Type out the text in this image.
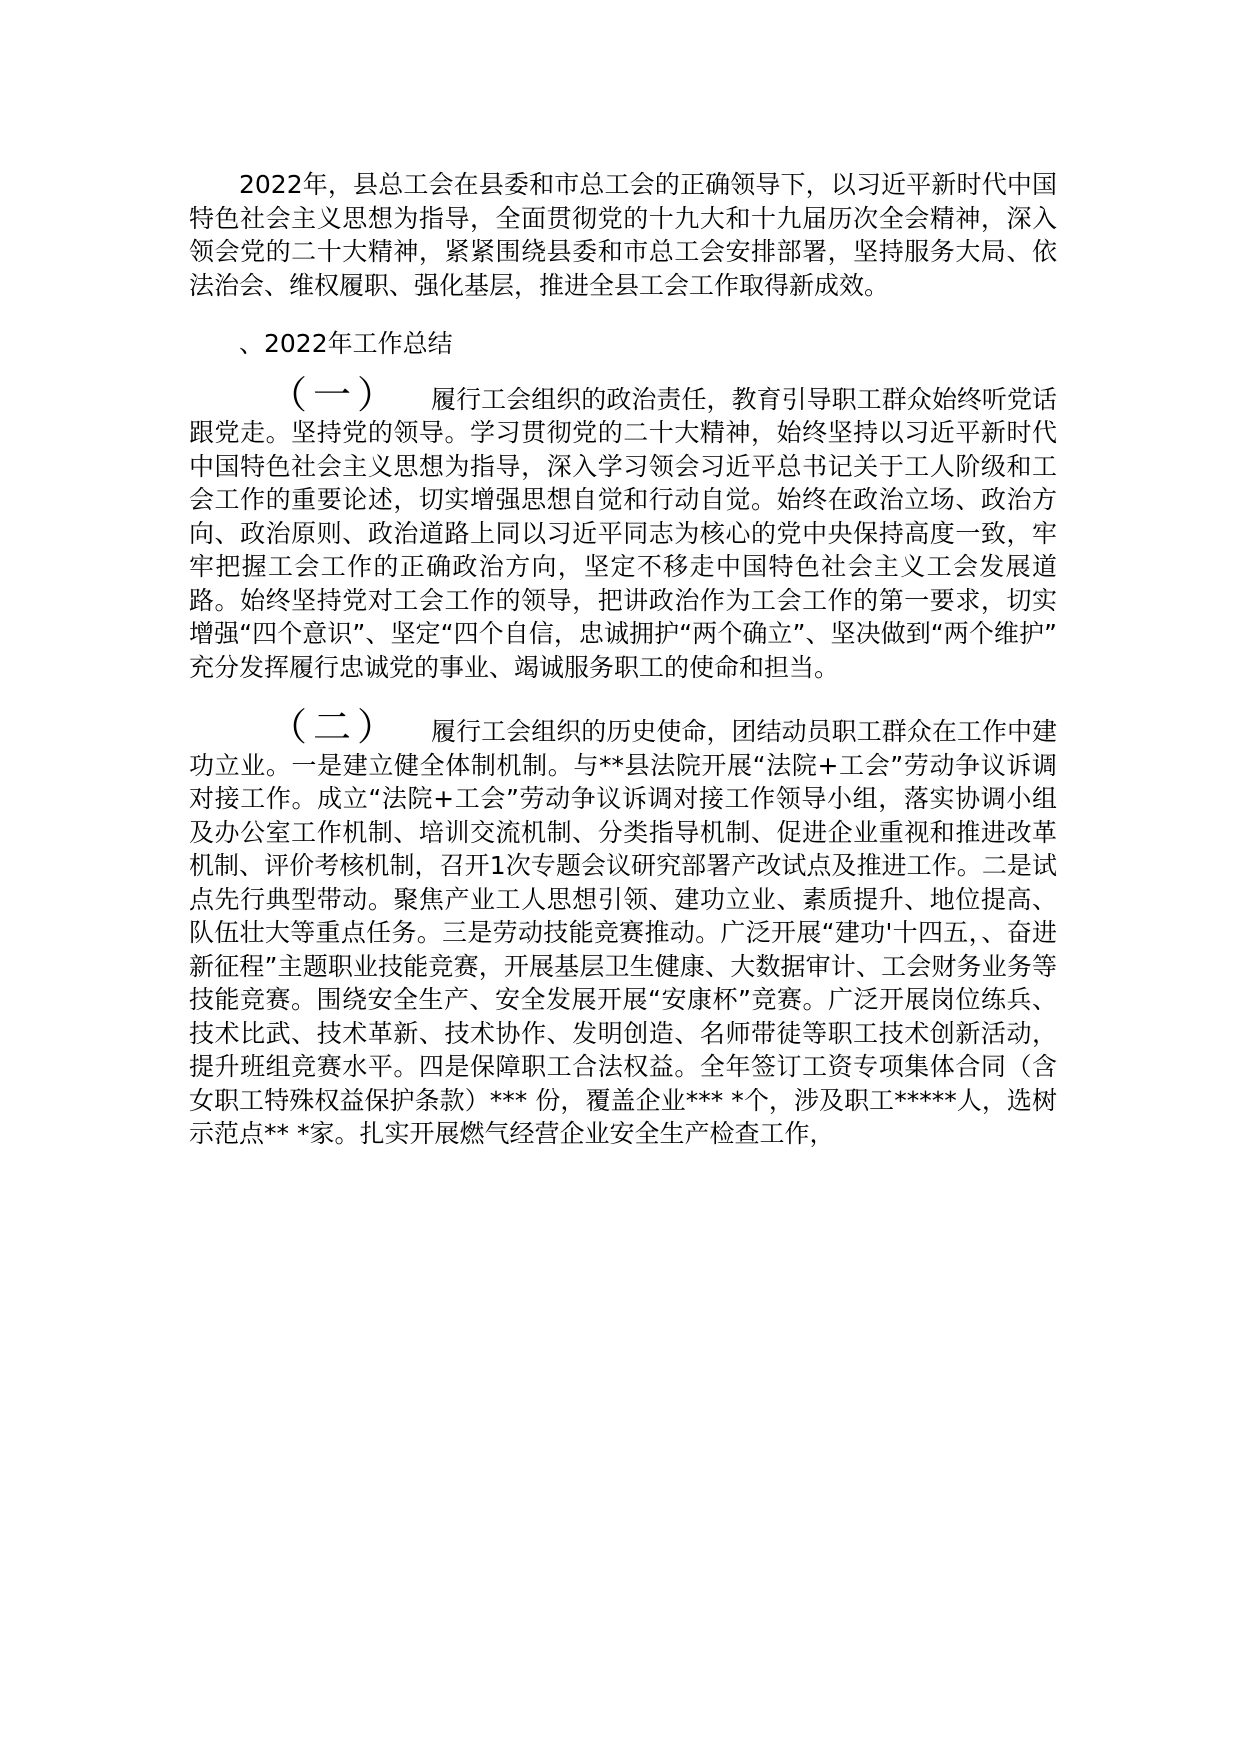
2022年，县总工会在县委和市总工会的正确领导下，以习近平新时代中国特色社会主义思想为指导，全面贯彻党的十九大和十九届历次全会精神，深入领会党的二十大精神，紧紧围绕县委和市总工会安排部署，坚持服务大局、依法治会、维权履职、强化基层，推进全县工会工作取得新成效。

、2022年工作总结

（一） 履行工会组织的政治责任，教育引导职工群众始终听党话跟党走。坚持党的领导。学习贯彻党的二十大精神，始终坚持以习近平新时代中国特色社会主义思想为指导，深入学习领会习近平总书记关于工人阶级和工会工作的重要论述，切实增强思想自觉和行动自觉。始终在政治立场、政治方向、政治原则、政治道路上同以习近平同志为核心的党中央保持高度一致，牢牢把握工会工作的正确政治方向，坚定不移走中国特色社会主义工会发展道路。始终坚持党对工会工作的领导，把讲政治作为工会工作的第一要求，切实增强“四个意识”、坚定“四个自信，忠诚拥护“两个确立”、坚决做到“两个维护” 充分发挥履行忠诚党的事业、竭诚服务职工的使命和担当。

（二） 履行工会组织的历史使命，团结动员职工群众在工作中建功立业。一是建立健全体制机制。与**县法院开展“法院+工会”劳动争议诉调对接工作。成立“法院+工会”劳动争议诉调对接工作领导小组，落实协调小组及办公室工作机制、培训交流机制、分类指导机制、促进企业重视和推进改革机制、评价考核机制，召开1次专题会议研究部署产改试点及推进工作。二是试点先行典型带动。聚焦产业工人思想引领、建功立业、素质提升、地位提高、队伍壮大等重点任务。三是劳动技能竞赛推动。广泛开展“建功'十四五，、奋进新征程”主题职业技能竞赛，开展基层卫生健康、大数据审计、工会财务业务等技能竞赛。围绕安全生产、安全发展开展“安康杯”竞赛。广泛开展岗位练兵、技术比武、技术革新、技术协作、发明创造、名师带徒等职工技术创新活动，提升班组竞赛水平。四是保障职工合法权益。全年签订工资专项集体合同（含女职工特殊权益保护条款）*** 份，覆盖企业*** *个，涉及职工*****人，选树示范点** *家。扎实开展燃气经营企业安全生产检查工作，
